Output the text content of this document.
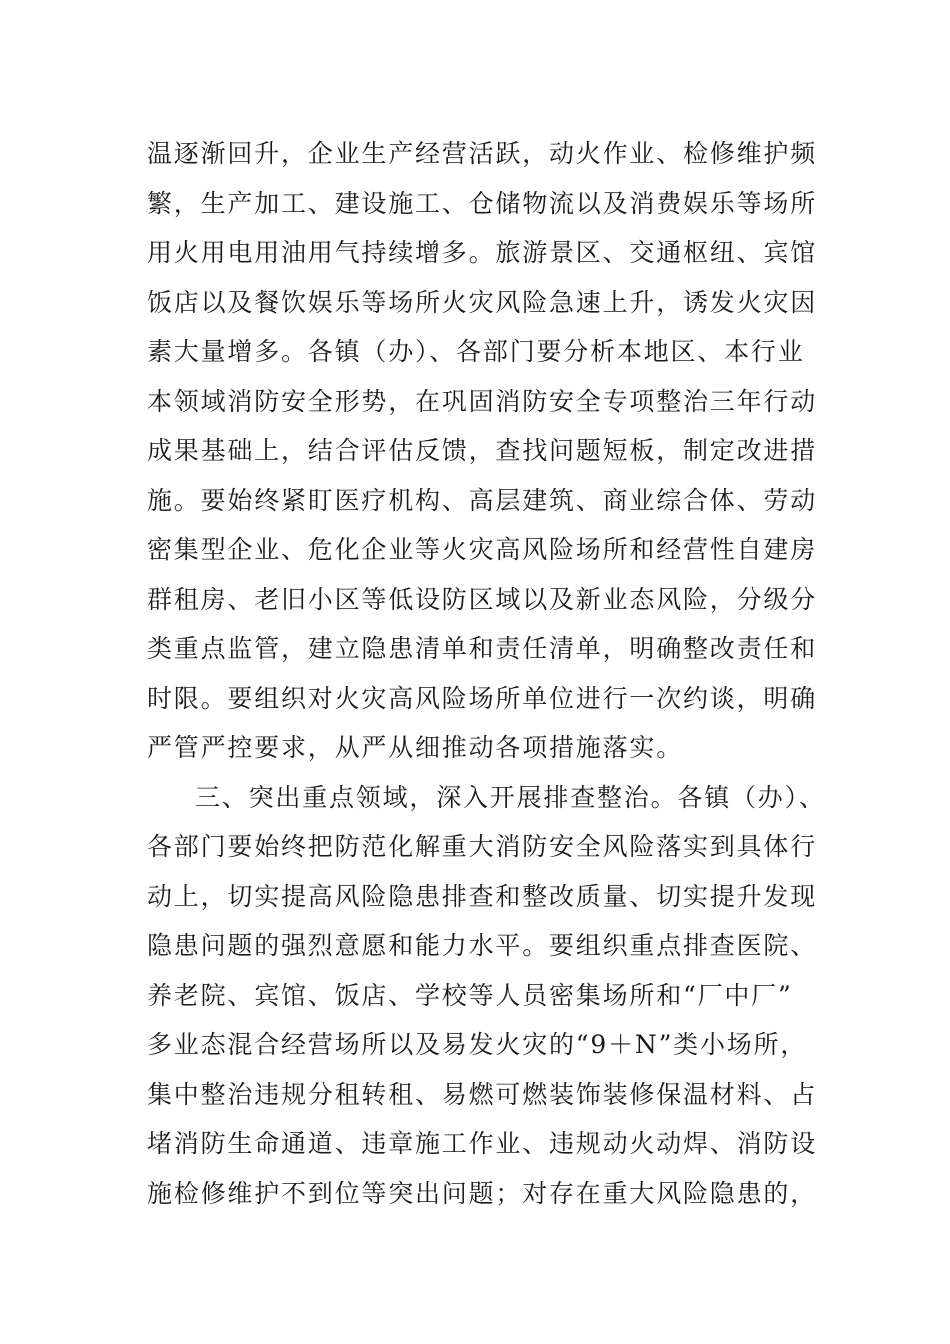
温逐渐回升，企业生产经营活跃，动火作业、检修维护频
繁，生产加工、建设施工、仓储物流以及消费娱乐等场所
用火用电用油用气持续增多。旅游景区、交通枢纽、宾馆
饭店以及餐饮娱乐等场所火灾风险急速上升，诱发火灾因
素大量增多。各镇（办）、各部门要分析本地区、本行业
本领域消防安全形势，在巩固消防安全专项整治三年行动
成果基础上，结合评估反馈，查找问题短板，制定改进措
施。要始终紧盯医疗机构、高层建筑、商业综合体、劳动
密集型企业、危化企业等火灾高风险场所和经营性自建房
群租房、老旧小区等低设防区域以及新业态风险，分级分
类重点监管，建立隐患清单和责任清单，明确整改责任和
时限。要组织对火灾高风险场所单位进行一次约谈，明确
严管严控要求，从严从细推动各项措施落实。
三、突出重点领域，深入开展排查整治。各镇（办）、
各部门要始终把防范化解重大消防安全风险落实到具体行
动上，切实提高风险隐患排查和整改质量、切实提升发现
隐患问题的强烈意愿和能力水平。要组织重点排查医院、
养老院、宾馆、饭店、学校等人员密集场所和“厂中厂”
多业态混合经营场所以及易发火灾的“9＋N”类小场所，
集中整治违规分租转租、易燃可燃装饰装修保温材料、占
堵消防生命通道、违章施工作业、违规动火动焊、消防设
施检修维护不到位等突出问题；对存在重大风险隐患的，
